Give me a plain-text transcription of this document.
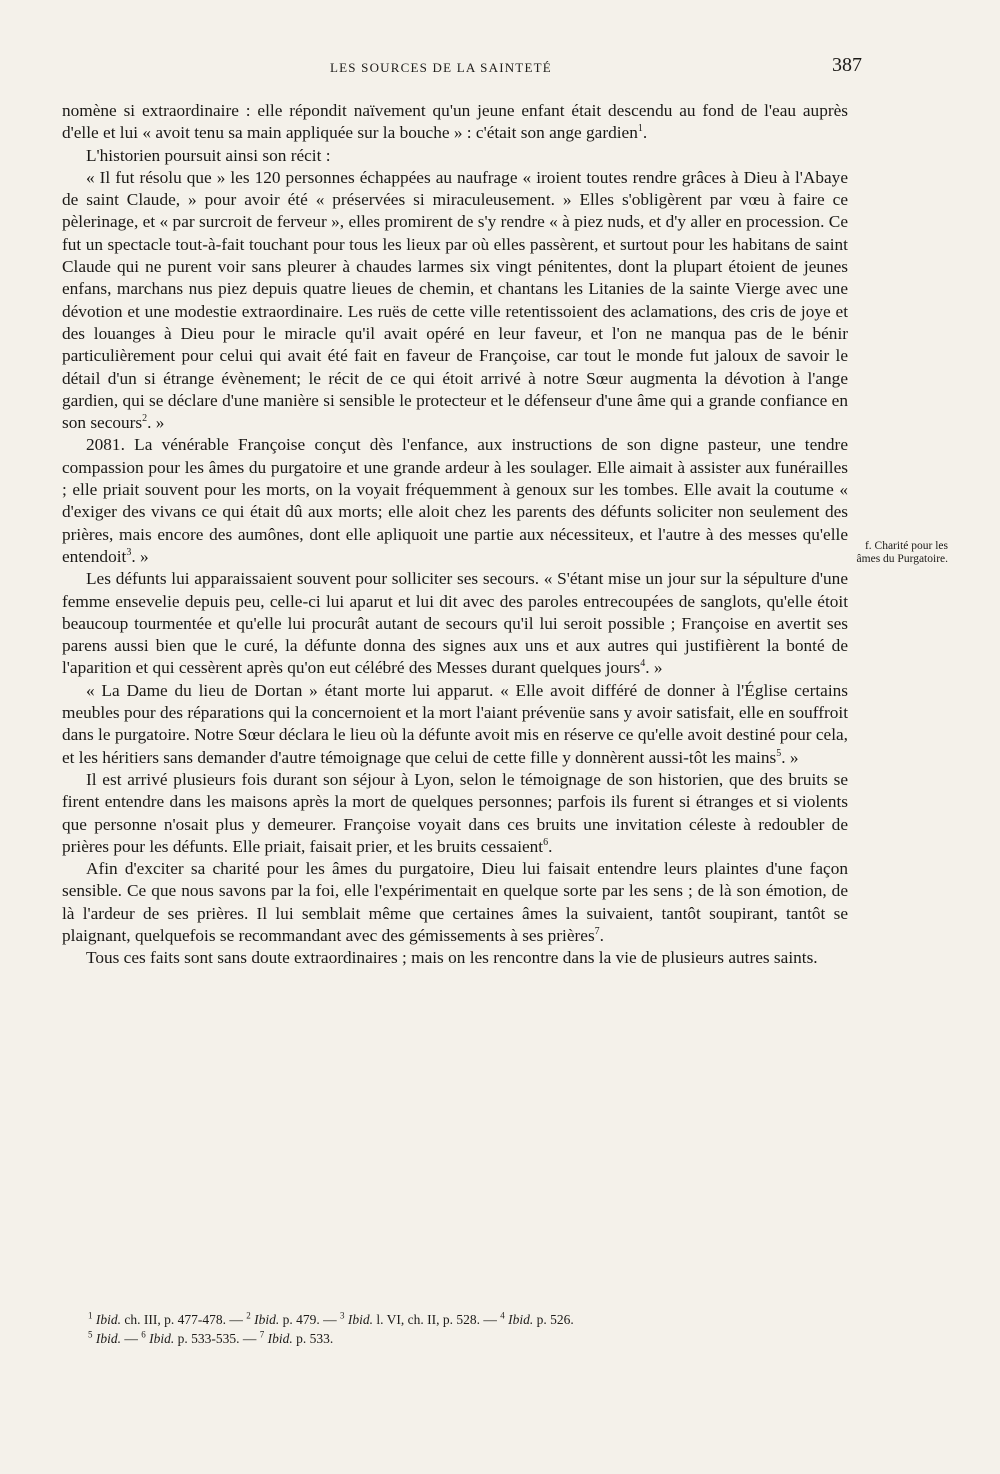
LES SOURCES DE LA SAINTETÉ	387

nomène si extraordinaire : elle répondit naïvement qu'un jeune enfant était descendu au fond de l'eau auprès d'elle et lui « avoit tenu sa main appliquée sur la bouche » : c'était son ange gardien$^1$.

L'historien poursuit ainsi son récit :

« Il fut résolu que » les 120 personnes échappées au naufrage « iroient toutes rendre grâces à Dieu à l'Abaye de saint Claude, » pour avoir été « préservées si miraculeusement. » Elles s'obligèrent par vœu à faire ce pèlerinage, et « par surcroit de ferveur », elles promirent de s'y rendre « à piez nuds, et d'y aller en procession. Ce fut un spectacle tout-à-fait touchant pour tous les lieux par où elles passèrent, et surtout pour les habitans de saint Claude qui ne purent voir sans pleurer à chaudes larmes six vingt pénitentes, dont la plupart étoient de jeunes enfans, marchans nus piez depuis quatre lieues de chemin, et chantans les Litanies de la sainte Vierge avec une dévotion et une modestie extraordinaire. Les ruës de cette ville retentissoient des aclamations, des cris de joye et des louanges à Dieu pour le miracle qu'il avait opéré en leur faveur, et l'on ne manqua pas de le bénir particulièrement pour celui qui avait été fait en faveur de Françoise, car tout le monde fut jaloux de savoir le détail d'un si étrange évènement; le récit de ce qui étoit arrivé à notre Sœur augmenta la dévotion à l'ange gardien, qui se déclare d'une manière si sensible le protecteur et le défenseur d'une âme qui a grande confiance en son secours$^2$. »

2081. La vénérable Françoise conçut dès l'enfance, aux instructions de son digne pasteur, une tendre compassion pour les âmes du purgatoire et une grande ardeur à les soulager. Elle aimait à assister aux funérailles ; elle priait souvent pour les morts, on la voyait fréquemment à genoux sur les tombes. Elle avait la coutume « d'exiger des vivans ce qui était dû aux morts; elle aloit chez les parents des défunts soliciter non seulement des prières, mais encore des aumônes, dont elle apliquoit une partie aux nécessiteux, et l'autre à des messes qu'elle entendoit$^3$. »

Les défunts lui apparaissaient souvent pour solliciter ses secours. « S'étant mise un jour sur la sépulture d'une femme ensevelie depuis peu, celle-ci lui aparut et lui dit avec des paroles entrecoupées de sanglots, qu'elle étoit beaucoup tourmentée et qu'elle lui procurât autant de secours qu'il lui seroit possible ; Françoise en avertit ses parens aussi bien que le curé, la défunte donna des signes aux uns et aux autres qui justifièrent la bonté de l'aparition et qui cessèrent après qu'on eut célébré des Messes durant quelques jours$^4$. »

« La Dame du lieu de Dortan » étant morte lui apparut. « Elle avoit différé de donner à l'Église certains meubles pour des réparations qui la concernoient et la mort l'aiant prévenüe sans y avoir satisfait, elle en souffroit dans le purgatoire. Notre Sœur déclara le lieu où la défunte avoit mis en réserve ce qu'elle avoit destiné pour cela, et les héritiers sans demander d'autre témoignage que celui de cette fille y donnèrent aussi-tôt les mains$^5$. »

Il est arrivé plusieurs fois durant son séjour à Lyon, selon le témoignage de son historien, que des bruits se firent entendre dans les maisons après la mort de quelques personnes; parfois ils furent si étranges et si violents que personne n'osait plus y demeurer. Françoise voyait dans ces bruits une invitation céleste à redoubler de prières pour les défunts. Elle priait, faisait prier, et les bruits cessaient$^6$.

Afin d'exciter sa charité pour les âmes du purgatoire, Dieu lui faisait entendre leurs plaintes d'une façon sensible. Ce que nous savons par la foi, elle l'expérimentait en quelque sorte par les sens ; de là son émotion, de là l'ardeur de ses prières. Il lui semblait même que certaines âmes la suivaient, tantôt soupirant, tantôt se plaignant, quelquefois se recommandant avec des gémissements à ses prières$^7$.

Tous ces faits sont sans doute extraordinaires ; mais on les rencontre dans la vie de plusieurs autres saints.

f. Charité pour les âmes du Purgatoire.
$^1$ Ibid. ch. III, p. 477-478. — $^2$ Ibid. p. 479. — $^3$ Ibid. l. VI, ch. II, p. 528. — $^4$ Ibid. p. 526.
$^5$ Ibid. — $^6$ Ibid. p. 533-535. — $^7$ Ibid. p. 533.
